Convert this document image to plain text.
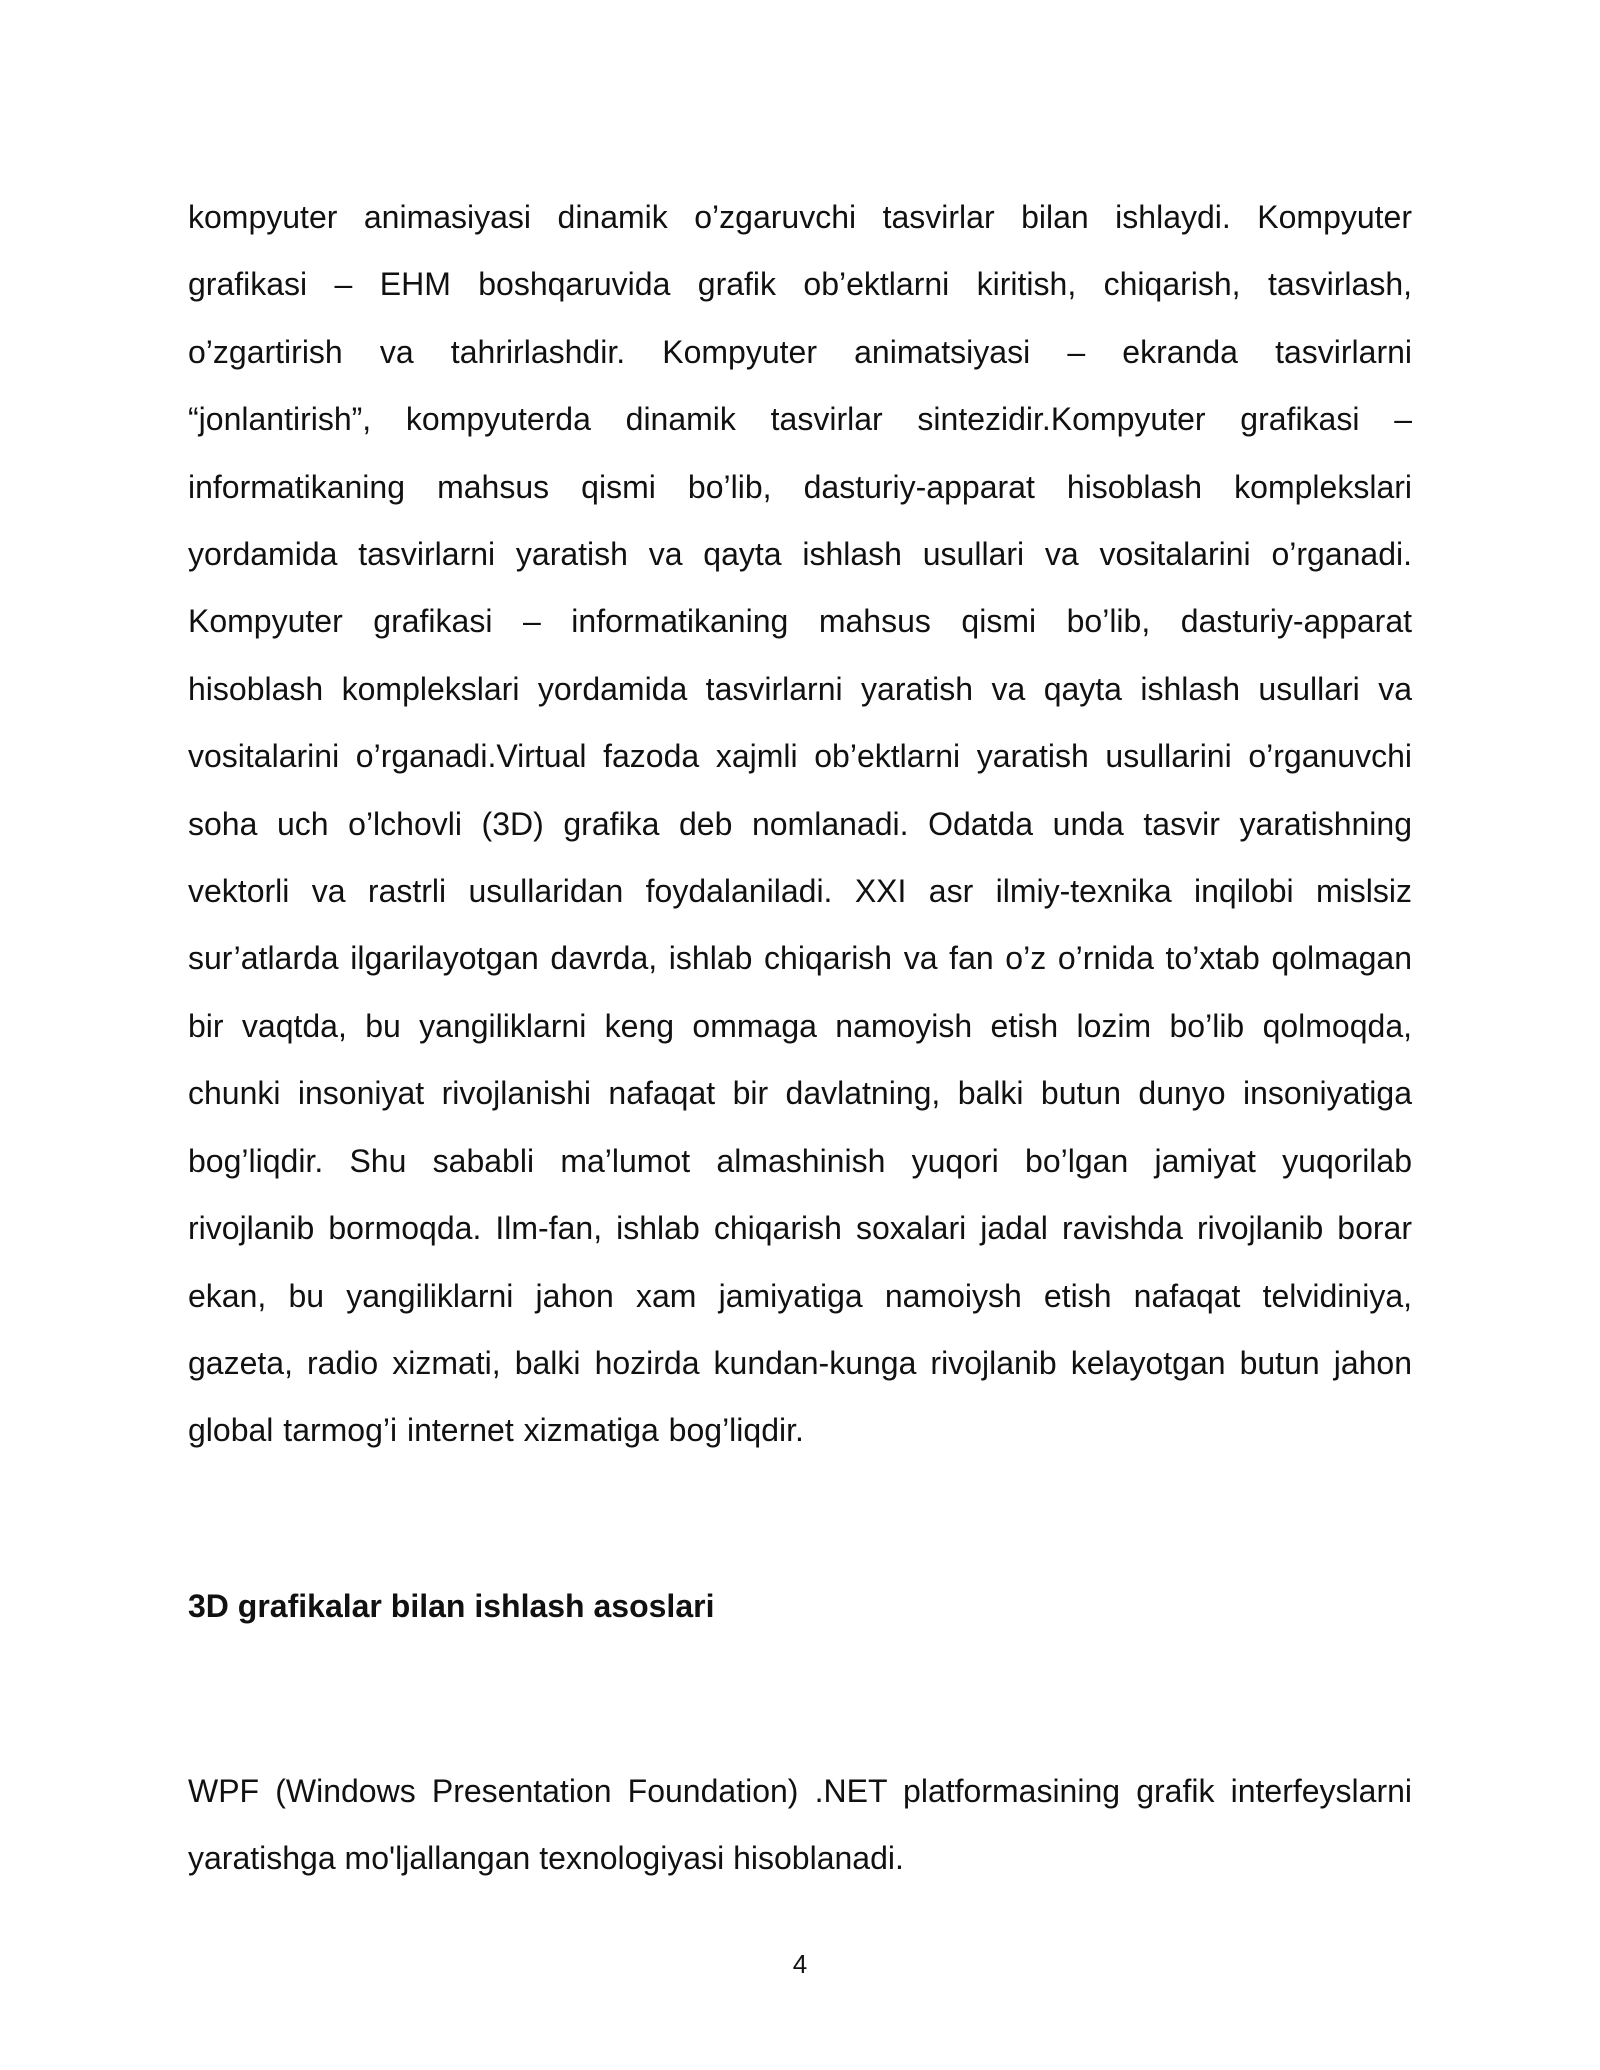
kompyuter animasiyasi dinamik o’zgaruvchi tasvirlar bilan ishlaydi. Kompyuter grafikasi – EHM boshqaruvida grafik ob’ektlarni kiritish, chiqarish, tasvirlash, o’zgartirish va tahrirlashdir. Kompyuter animatsiyasi – ekranda tasvirlarni “jonlantirish”, kompyuterda dinamik tasvirlar sintezidir.Kompyuter grafikasi – informatikaning mahsus qismi bo’lib, dasturiy-apparat hisoblash komplekslari yordamida tasvirlarni yaratish va qayta ishlash usullari va vositalarini o’rganadi. Kompyuter grafikasi – informatikaning mahsus qismi bo’lib, dasturiy-apparat hisoblash komplekslari yordamida tasvirlarni yaratish va qayta ishlash usullari va vositalarini o’rganadi.Virtual fazoda xajmli ob’ektlarni yaratish usullarini o’rganuvchi soha uch o’lchovli (3D) grafika deb nomlanadi. Odatda unda tasvir yaratishning vektorli va rastrli usullaridan foydalaniladi. XXI asr ilmiy-texnika inqilobi mislsiz sur’atlarda ilgarilayotgan davrda, ishlab chiqarish va fan o’z o’rnida to’xtab qolmagan bir vaqtda, bu yangiliklarni keng ommaga namoyish etish lozim bo’lib qolmoqda, chunki insoniyat rivojlanishi nafaqat bir davlatning, balki butun dunyo insoniyatiga bog’liqdir. Shu sababli ma’lumot almashinish yuqori bo’lgan jamiyat yuqorilab rivojlanib bormoqda. Ilm-fan, ishlab chiqarish soxalari jadal ravishda rivojlanib borar ekan, bu yangiliklarni jahon xam jamiyatiga namoiysh etish nafaqat telvidiniya, gazeta, radio xizmati, balki hozirda kundan-kunga rivojlanib kelayotgan butun jahon global tarmog’i internet xizmatiga bog’liqdir.

3D grafikalar bilan ishlash asoslari

WPF (Windows Presentation Foundation) .NET platformasining grafik interfeyslarni yaratishga mo'ljallangan texnologiyasi hisoblanadi.

4
